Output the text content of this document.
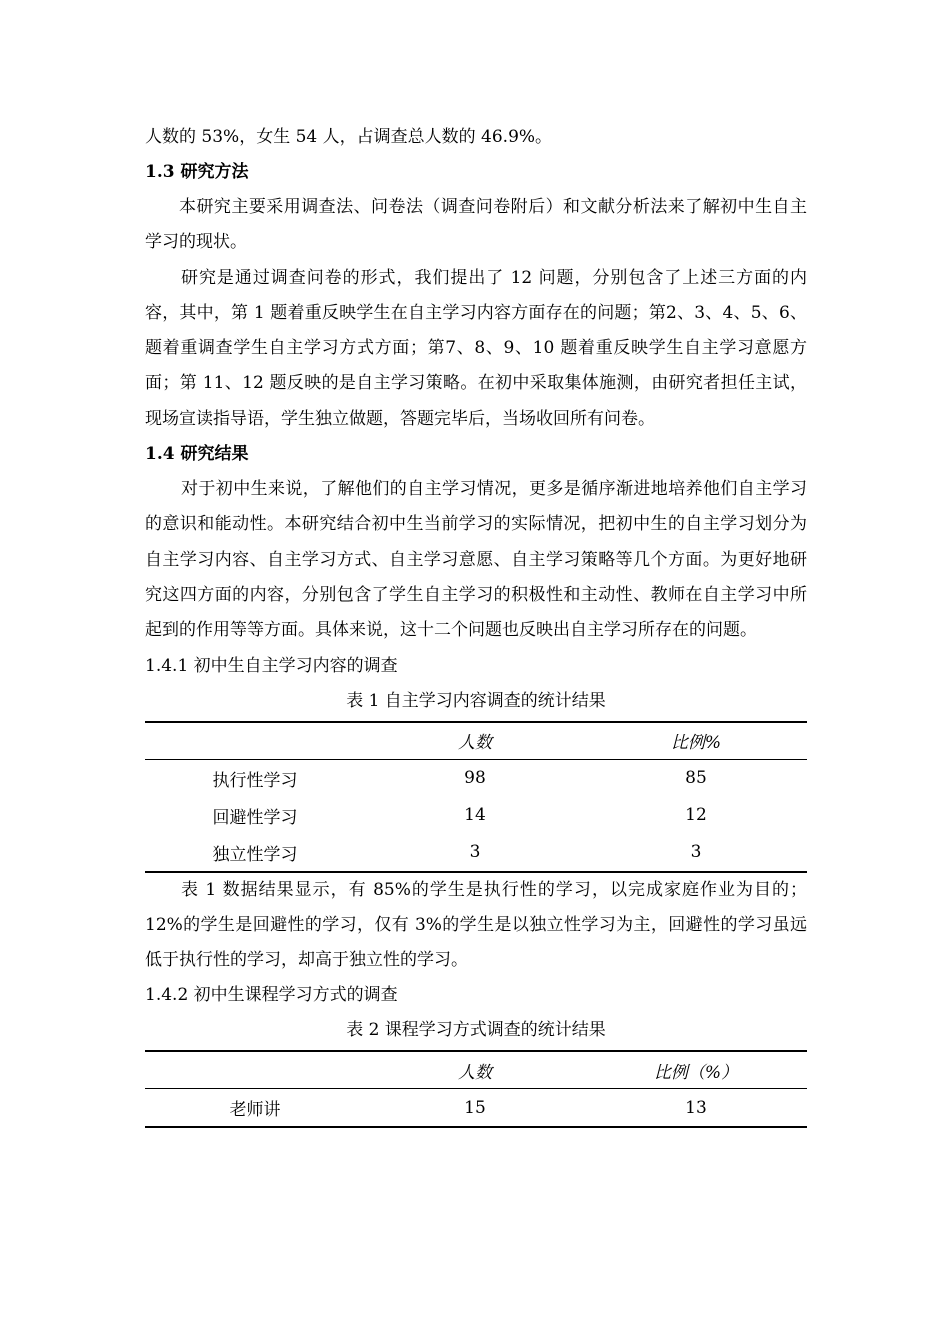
人数的 53%，女生 54 人，占调查总人数的 46.9%。
1.3 研究方法

本研究主要采用调查法、问卷法（调查问卷附后）和文献分析法来了解初中生自主学习的现状。

研究是通过调查问卷的形式，我们提出了 12 问题，分别包含了上述三方面的内容，其中，第 1 题着重反映学生在自主学习内容方面存在的问题；第2、3、4、5、6、题着重调查学生自主学习方式方面；第7、8、9、10 题着重反映学生自主学习意愿方面；第 11、12 题反映的是自主学习策略。在初中采取集体施测，由研究者担任主试，现场宣读指导语，学生独立做题，答题完毕后，当场收回所有问卷。

1.4 研究结果

对于初中生来说，了解他们的自主学习情况，更多是循序渐进地培养他们自主学习的意识和能动性。本研究结合初中生当前学习的实际情况，把初中生的自主学习划分为自主学习内容、自主学习方式、自主学习意愿、自主学习策略等几个方面。为更好地研究这四方面的内容，分别包含了学生自主学习的积极性和主动性、教师在自主学习中所起到的作用等等方面。具体来说，这十二个问题也反映出自主学习所存在的问题。

1.4.1 初中生自主学习内容的调查
表 1 自主学习内容调查的统计结果
	人数	比例%
执行性学习	98	85
回避性学习	14	12
独立性学习	3	3

表 1 数据结果显示，有 85%的学生是执行性的学习，以完成家庭作业为目的；12%的学生是回避性的学习，仅有 3%的学生是以独立性学习为主，回避性的学习虽远低于执行性的学习，却高于独立性的学习。

1.4.2 初中生课程学习方式的调查
表 2 课程学习方式调查的统计结果
	人数	比例（%）
老师讲	15	13
